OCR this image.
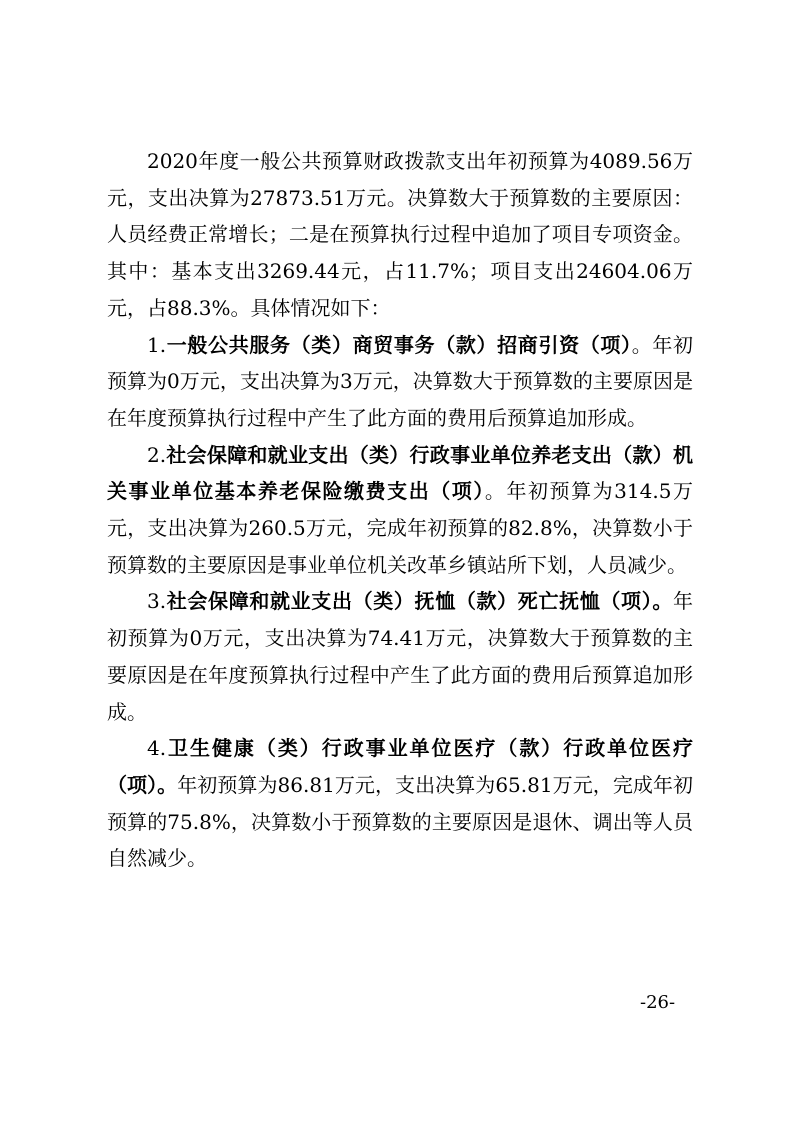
2020年度一般公共预算财政拨款支出年初预算为4089.56万元，支出决算为27873.51万元。决算数大于预算数的主要原因：人员经费正常增长；二是在预算执行过程中追加了项目专项资金。其中：基本支出3269.44元，占11.7%；项目支出24604.06万元，占88.3%。具体情况如下：

1.一般公共服务（类）商贸事务（款）招商引资（项）。年初预算为0万元，支出决算为3万元，决算数大于预算数的主要原因是在年度预算执行过程中产生了此方面的费用后预算追加形成。

2.社会保障和就业支出（类）行政事业单位养老支出（款）机关事业单位基本养老保险缴费支出（项）。年初预算为314.5万元，支出决算为260.5万元，完成年初预算的82.8%，决算数小于预算数的主要原因是事业单位机关改革乡镇站所下划，人员减少。

3.社会保障和就业支出（类）抚恤（款）死亡抚恤（项）。年初预算为0万元，支出决算为74.41万元，决算数大于预算数的主要原因是在年度预算执行过程中产生了此方面的费用后预算追加形成。

4.卫生健康（类）行政事业单位医疗（款）行政单位医疗（项）。年初预算为86.81万元，支出决算为65.81万元，完成年初预算的75.8%，决算数小于预算数的主要原因是退休、调出等人员自然减少。

-26-
